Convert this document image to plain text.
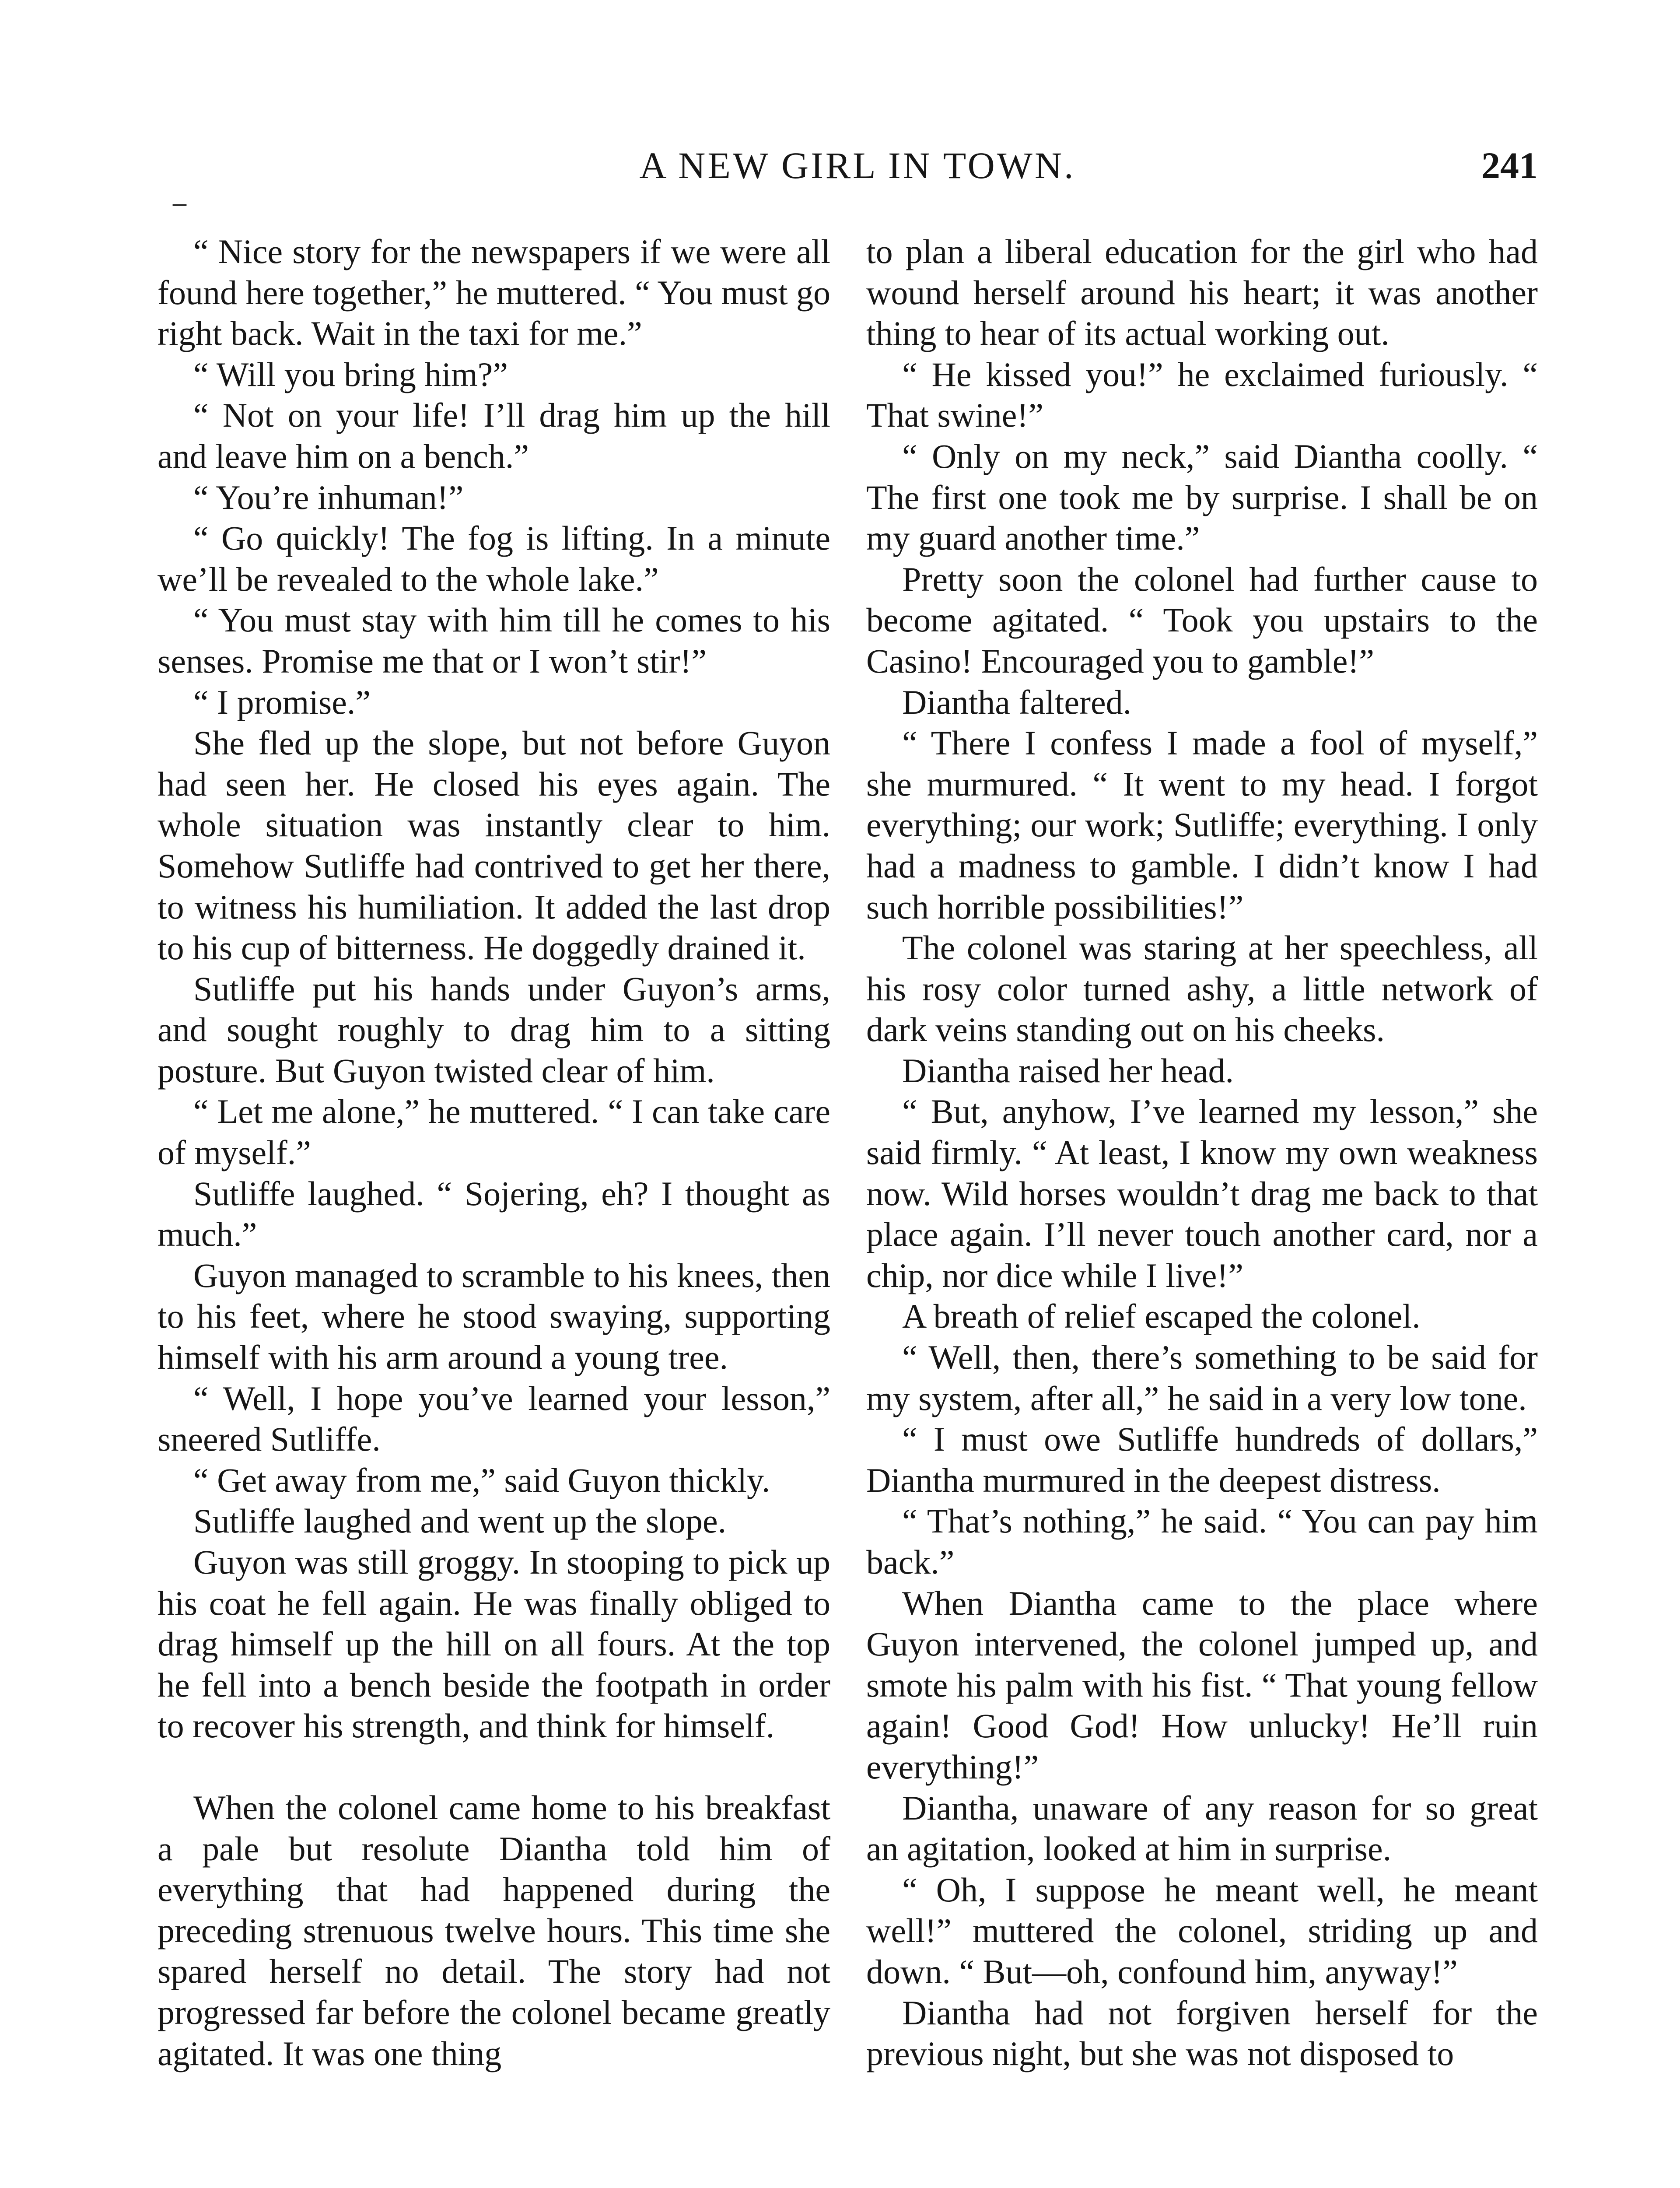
–
A NEW GIRL IN TOWN.	241

“ Nice story for the newspapers if we were all found here together,” he muttered. “ You must go right back. Wait in the taxi for me.”

“ Will you bring him?”

“ Not on your life! I’ll drag him up the hill and leave him on a bench.”

“ You’re inhuman!”

“ Go quickly! The fog is lifting. In a minute we’ll be revealed to the whole lake.”

“ You must stay with him till he comes to his senses. Promise me that or I won’t stir!”

“ I promise.”

She fled up the slope, but not before Guyon had seen her. He closed his eyes again. The whole situation was instantly clear to him. Somehow Sutliffe had contrived to get her there, to witness his humiliation. It added the last drop to his cup of bitterness. He doggedly drained it.

Sutliffe put his hands under Guyon’s arms, and sought roughly to drag him to a sitting posture. But Guyon twisted clear of him.

“ Let me alone,” he muttered. “ I can take care of myself.”

Sutliffe laughed. “ Sojering, eh? I thought as much.”

Guyon managed to scramble to his knees, then to his feet, where he stood swaying, supporting himself with his arm around a young tree.

“ Well, I hope you’ve learned your lesson,” sneered Sutliffe.

“ Get away from me,” said Guyon thickly.

Sutliffe laughed and went up the slope.

Guyon was still groggy. In stooping to pick up his coat he fell again. He was finally obliged to drag himself up the hill on all fours. At the top he fell into a bench beside the footpath in order to recover his strength, and think for himself.

When the colonel came home to his breakfast a pale but resolute Diantha told him of everything that had happened during the preceding strenuous twelve hours. This time she spared herself no detail. The story had not progressed far before the colonel became greatly agitated. It was one thing

to plan a liberal education for the girl who had wound herself around his heart; it was another thing to hear of its actual working out.

“ He kissed you!” he exclaimed furiously. “ That swine!”

“ Only on my neck,” said Diantha coolly. “ The first one took me by surprise. I shall be on my guard another time.”

Pretty soon the colonel had further cause to become agitated. “ Took you upstairs to the Casino! Encouraged you to gamble!”

Diantha faltered.

“ There I confess I made a fool of myself,” she murmured. “ It went to my head. I forgot everything; our work; Sutliffe; everything. I only had a madness to gamble. I didn’t know I had such horrible possibilities!”

The colonel was staring at her speechless, all his rosy color turned ashy, a little network of dark veins standing out on his cheeks.

Diantha raised her head.

“ But, anyhow, I’ve learned my lesson,” she said firmly. “ At least, I know my own weakness now. Wild horses wouldn’t drag me back to that place again. I’ll never touch another card, nor a chip, nor dice while I live!”

A breath of relief escaped the colonel.

“ Well, then, there’s something to be said for my system, after all,” he said in a very low tone.

“ I must owe Sutliffe hundreds of dollars,” Diantha murmured in the deepest distress.

“ That’s nothing,” he said. “ You can pay him back.”

When Diantha came to the place where Guyon intervened, the colonel jumped up, and smote his palm with his fist. “ That young fellow again! Good God! How unlucky! He’ll ruin everything!”

Diantha, unaware of any reason for so great an agitation, looked at him in surprise.

“ Oh, I suppose he meant well, he meant well!” muttered the colonel, striding up and down. “ But—oh, confound him, anyway!”

Diantha had not forgiven herself for the previous night, but she was not disposed to
